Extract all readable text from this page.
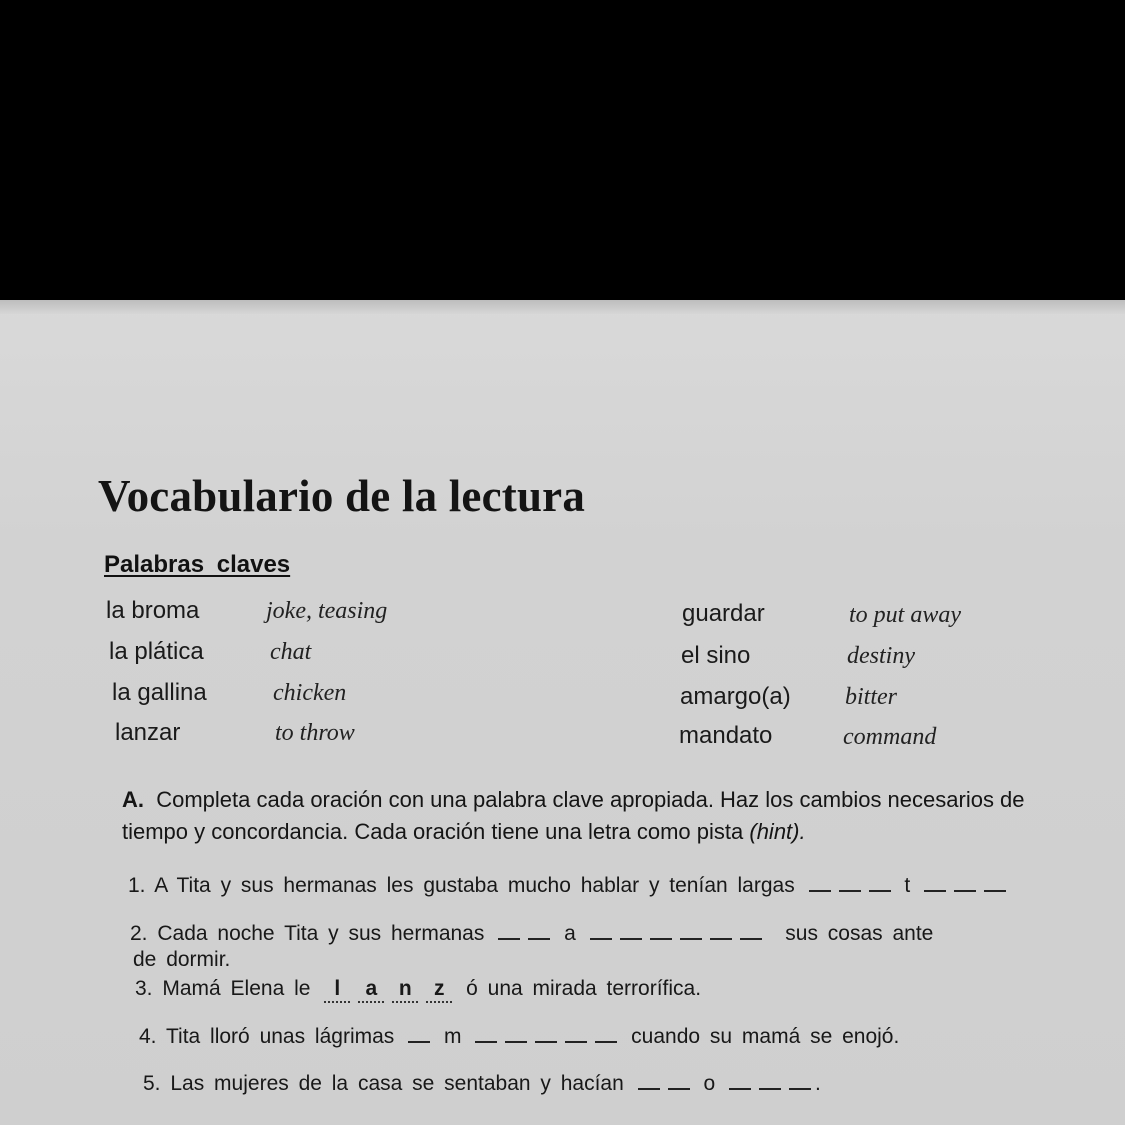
Vocabulario de la lectura
Palabras claves
la broma	joke, teasing
la plática	chat
la gallina	chicken
lanzar	to throw
guardar	to put away
el sino	destiny
amargo(a) bitter
mandato	command
A. Completa cada oración con una palabra clave apropiada. Haz los cambios necesarios de
tiempo y concordancia. Cada oración tiene una letra como pista (hint).
1. A Tita y sus hermanas les gustaba mucho hablar y tenían largas	t
2. Cada noche Tita y sus hermanas	a	sus cosas ante
de dormir.
3. Mamá Elena le l a n z ó una mirada terrorífica.
4. Tita lloró unas lágrimas m	cuando su mamá se enojó.
5. Las mujeres de la casa se sentaban y hacían	o	.
